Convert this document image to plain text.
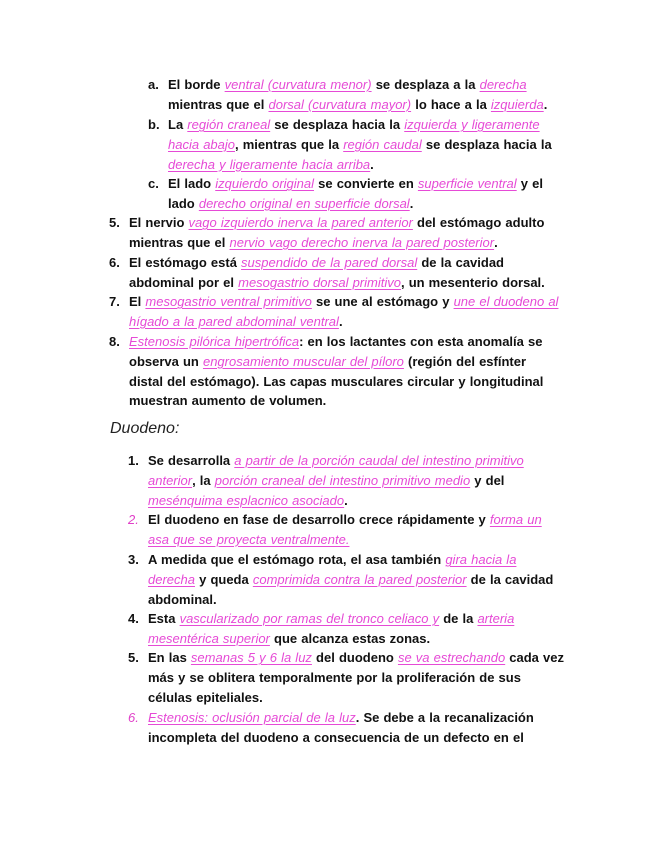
a. El borde ventral (curvatura menor) se desplaza a la derecha mientras que el dorsal (curvatura mayor) lo hace a la izquierda.
b. La región craneal se desplaza hacia la izquierda y ligeramente hacia abajo, mientras que la región caudal se desplaza hacia la derecha y ligeramente hacia arriba.
c. El lado izquierdo original se convierte en superficie ventral y el lado derecho original en superficie dorsal.
5. El nervio vago izquierdo inerva la pared anterior del estómago adulto mientras que el nervio vago derecho inerva la pared posterior.
6. El estómago está suspendido de la pared dorsal de la cavidad abdominal por el mesogastrio dorsal primitivo, un mesenterio dorsal.
7. El mesogastrio ventral primitivo se une al estómago y une el duodeno al hígado a la pared abdominal ventral.
8. Estenosis pilórica hipertrófica: en los lactantes con esta anomalía se observa un engrosamiento muscular del píloro (región del esfínter distal del estómago). Las capas musculares circular y longitudinal muestran aumento de volumen.
Duodeno:
1. Se desarrolla a partir de la porción caudal del intestino primitivo anterior, la porción craneal del intestino primitivo medio y del mesénquima esplacnico asociado.
2. El duodeno en fase de desarrollo crece rápidamente y forma un asa que se proyecta ventralmente.
3. A medida que el estómago rota, el asa también gira hacia la derecha y queda comprimida contra la pared posterior de la cavidad abdominal.
4. Esta vascularizado por ramas del tronco celiaco y de la arteria mesentérica superior que alcanza estas zonas.
5. En las semanas 5 y 6 la luz del duodeno se va estrechando cada vez más y se oblitera temporalmente por la proliferación de sus células epiteliales.
6. Estenosis: oclusión parcial de la luz. Se debe a la recanalización incompleta del duodeno a consecuencia de un defecto en el
